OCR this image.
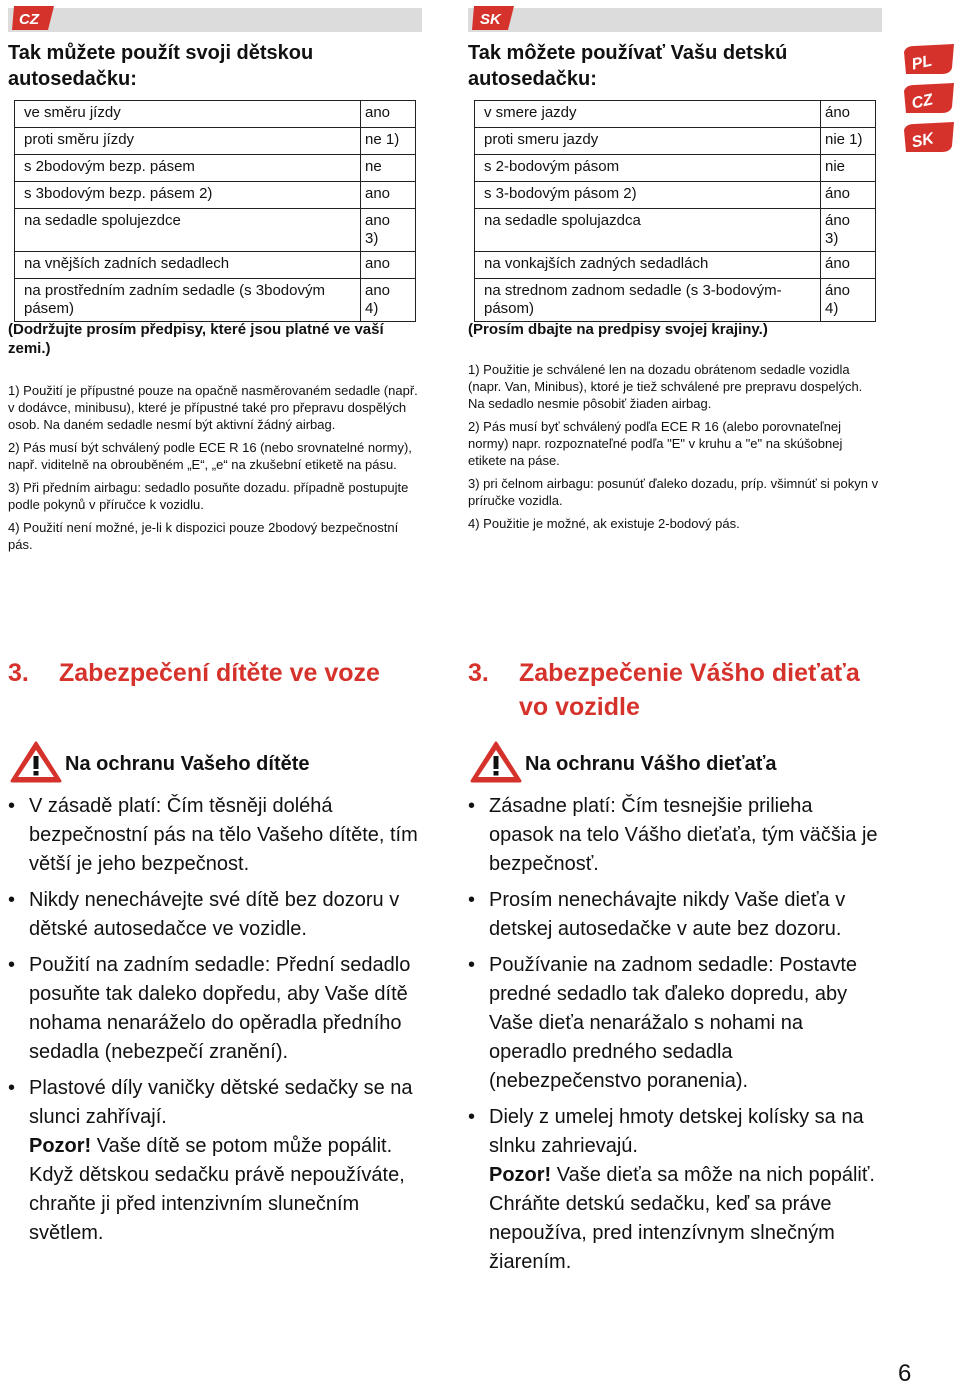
CZ
Tak můžete použít svoji dětskou autosedačku:
ve směru jízdy	ano
proti směru jízdy	ne 1)
s 2bodovým bezp. pásem	ne
s 3bodovým bezp. pásem 2)	ano
na sedadle spolujezdce	ano 3)
na vnějších zadních sedadlech	ano
na prostředním zadním sedadle (s 3bodovým pásem)	ano 4)

(Dodržujte prosím předpisy, které jsou platné ve vaší zemi.)

1) Použití je přípustné pouze na opačně nasměrovaném sedadle (např. v dodávce, minibusu), které je přípustné také pro přepravu dospělých osob. Na daném sedadle nesmí být aktivní žádný airbag.

2) Pás musí být schválený podle ECE R 16 (nebo srovnatelné normy), např. viditelně na obrouběném „E“, „e“ na zkušební etiketě na pásu.

3) Při předním airbagu: sedadlo posuňte dozadu. případně postupujte podle pokynů v příručce k vozidlu.

4) Použití není možné, je-li k dispozici pouze 2bodový bezpečnostní pás.

3. Zabezpečení dítěte ve voze
Na ochranu Vašeho dítěte
• V zásadě platí: Čím těsněji doléhá bezpečnostní pás na tělo Vašeho dítěte, tím větší je jeho bezpečnost.
• Nikdy nenechávejte své dítě bez dozoru v dětské autosedačce ve vozidle.
• Použití na zadním sedadle: Přední sedadlo posuňte tak daleko dopředu, aby Vaše dítě nohama nenaráželo do opěradla předního sedadla (nebezpečí zranění).
• Plastové díly vaničky dětské sedačky se na slunci zahřívají.
Pozor! Vaše dítě se potom může popálit. Když dětskou sedačku právě nepoužíváte, chraňte ji před intenzivním slunečním světlem.
SK
Tak môžete používať Vašu detskú autosedačku:
v smere jazdy	áno
proti smeru jazdy	nie 1)
s 2-bodovým pásom	nie
s 3-bodovým pásom 2)	áno
na sedadle spolujazdca	áno 3)
na vonkajších zadných sedadlách	áno
na strednom zadnom sedadle (s 3-bodovým-pásom)	áno 4)

(Prosím dbajte na predpisy svojej krajiny.)

1) Použitie je schválené len na dozadu obrátenom sedadle vozidla (napr. Van, Minibus), ktoré je tiež schválené pre prepravu dospelých. Na sedadlo nesmie pôsobiť žiaden airbag.

2) Pás musí byť schválený podľa ECE R 16 (alebo porovnateľnej normy) napr. rozpoznateľné podľa "E" v kruhu a "e" na skúšobnej etikete na páse.

3) pri čelnom airbagu: posunúť ďaleko dozadu, príp. všimnúť si pokyn v príručke vozidla.

4) Použitie je možné, ak existuje 2-bodový pás.

3. Zabezpečenie Vášho dieťaťa vo vozidle
Na ochranu Vášho dieťaťa
• Zásadne platí: Čím tesnejšie prilieha opasok na telo Vášho dieťaťa, tým väčšia je bezpečnosť.
• Prosím nenechávajte nikdy Vaše dieťa v detskej autosedačke v aute bez dozoru.
• Používanie na zadnom sedadle: Postavte predné sedadlo tak ďaleko dopredu, aby Vaše dieťa nenarážalo s nohami na operadlo predného sedadla (nebezpečenstvo poranenia).
• Diely z umelej hmoty detskej kolísky sa na slnku zahrievajú.
Pozor! Vaše dieťa sa môže na nich popáliť. Chráňte detskú sedačku, keď sa práve nepoužíva, pred intenzívnym slnečným žiarením.
PL
CZ
SK
6
